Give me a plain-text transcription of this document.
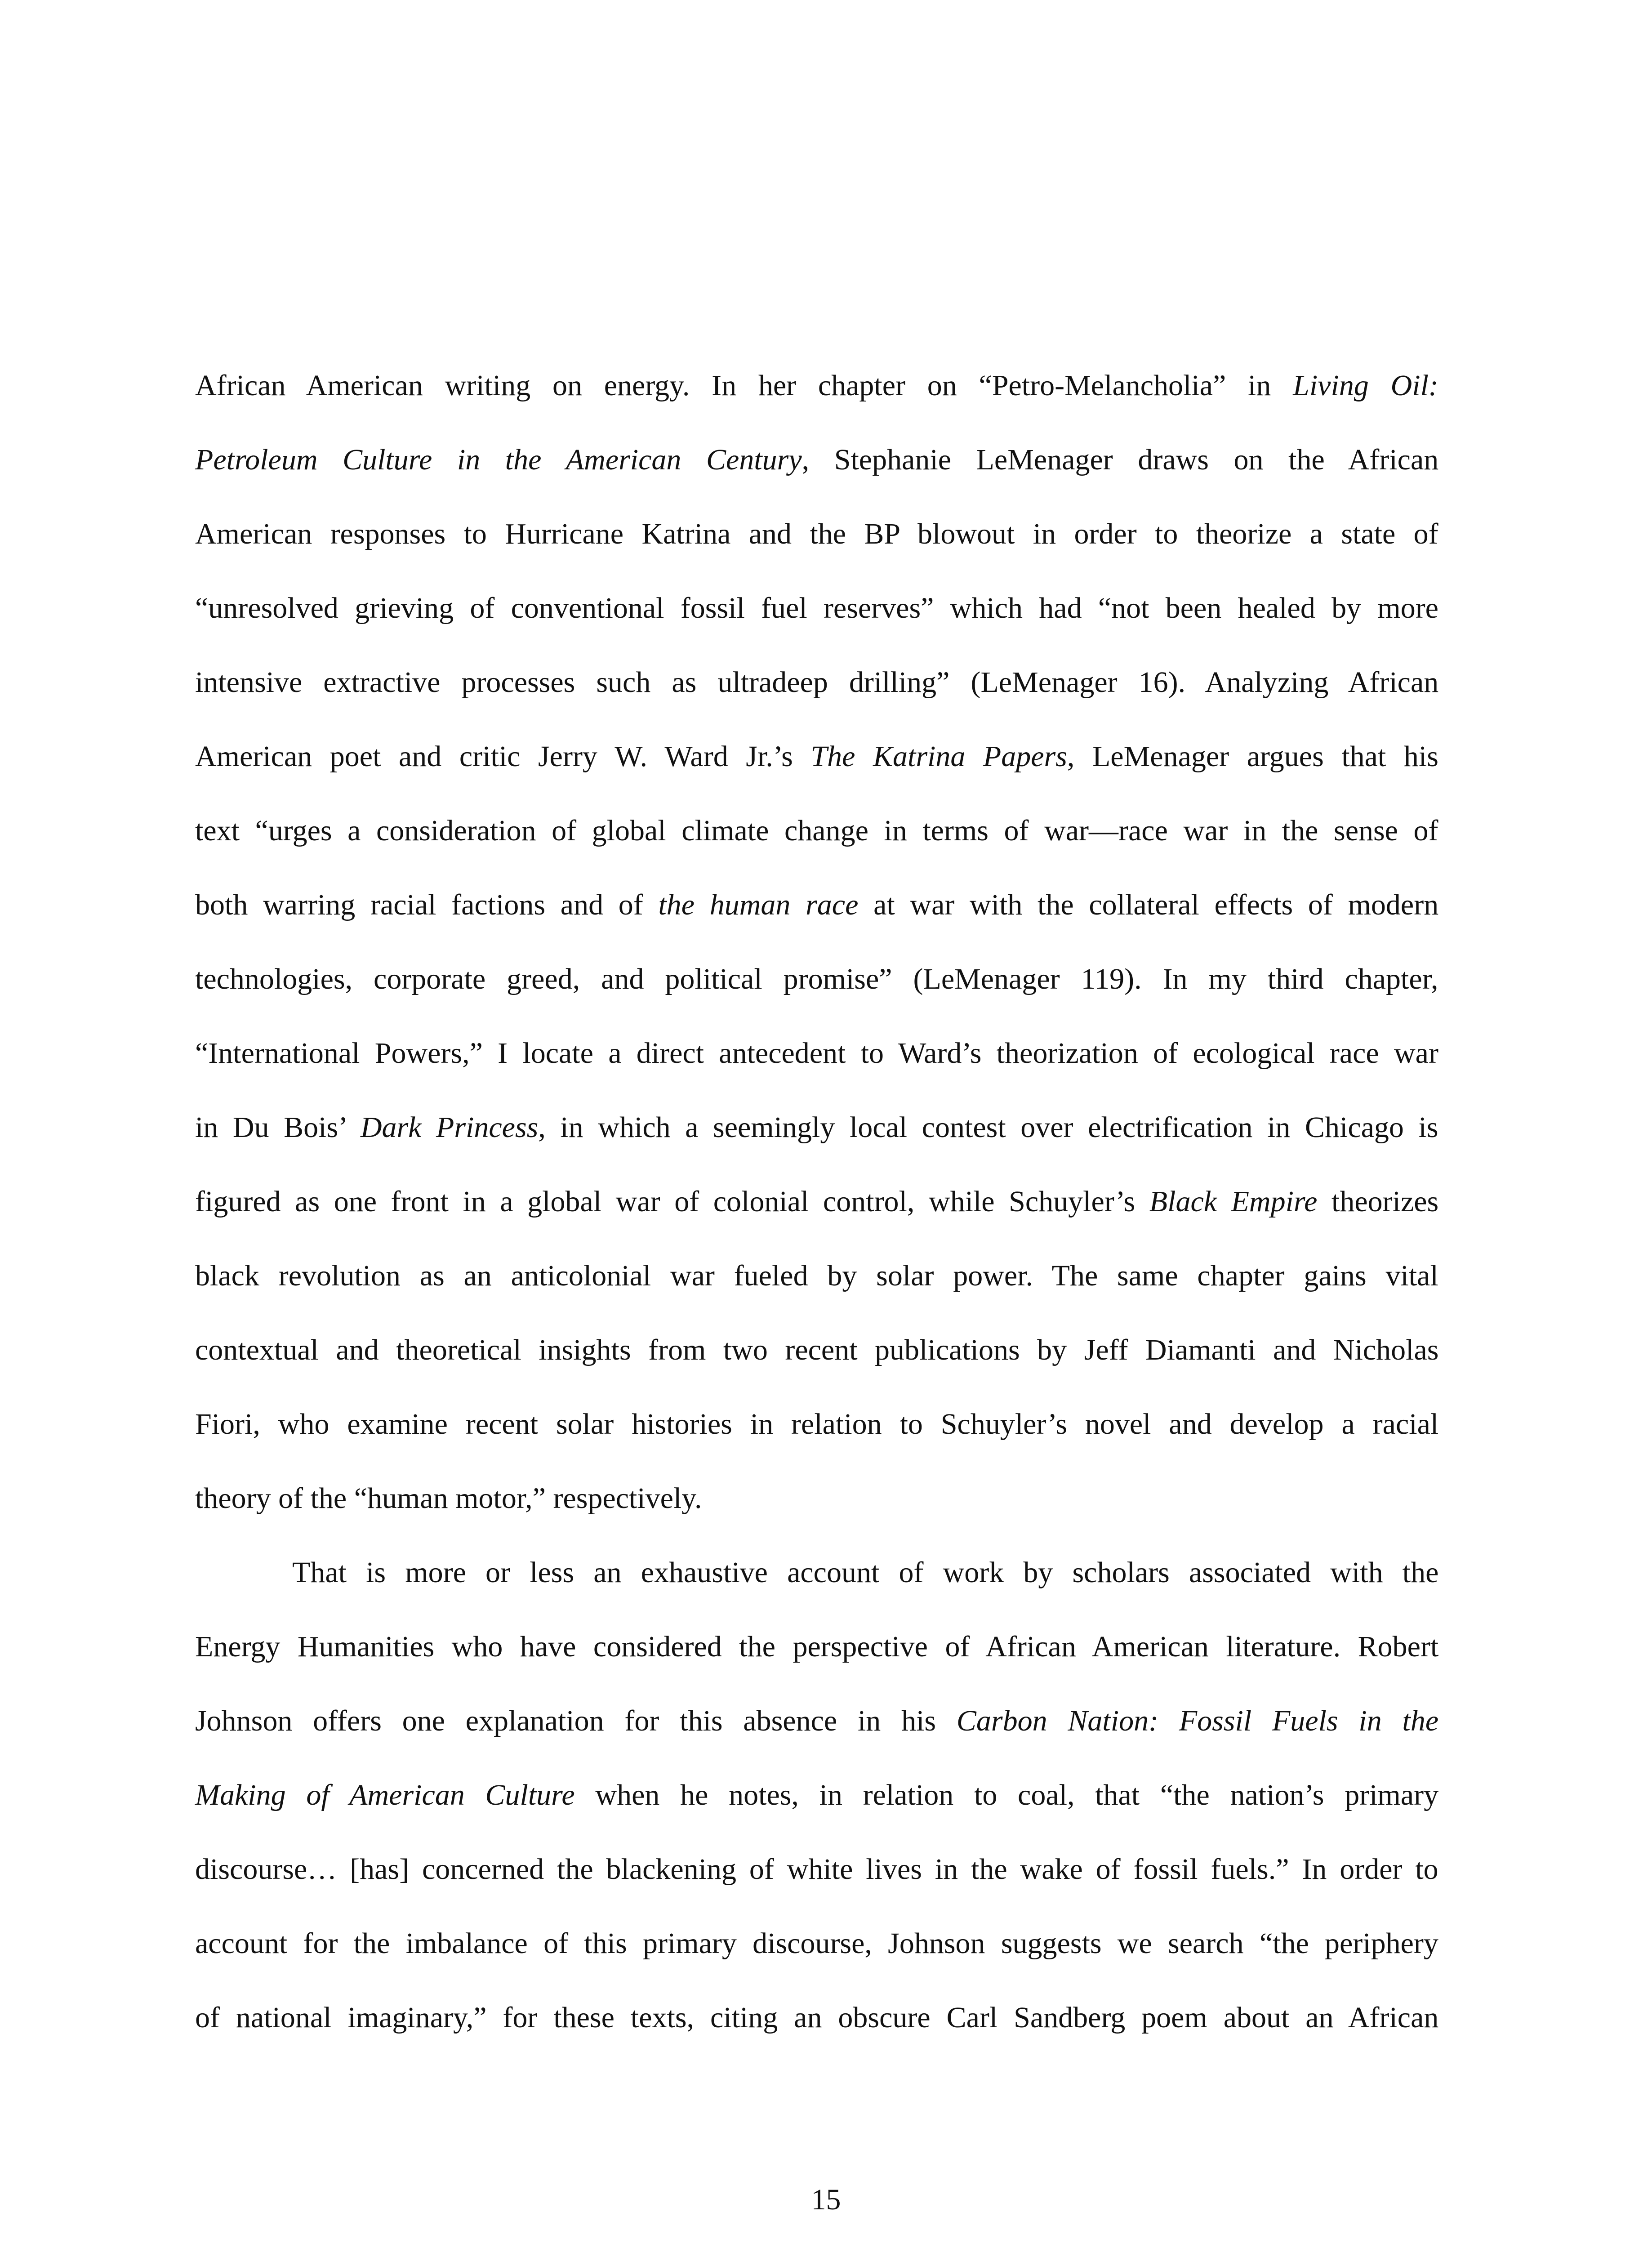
African American writing on energy. In her chapter on “Petro-Melancholia” in Living Oil:
Petroleum Culture in the American Century, Stephanie LeMenager draws on the African
American responses to Hurricane Katrina and the BP blowout in order to theorize a state of
“unresolved grieving of conventional fossil fuel reserves” which had “not been healed by more
intensive extractive processes such as ultradeep drilling” (LeMenager 16). Analyzing African
American poet and critic Jerry W. Ward Jr.’s The Katrina Papers, LeMenager argues that his
text “urges a consideration of global climate change in terms of war—race war in the sense of
both warring racial factions and of the human race at war with the collateral effects of modern
technologies, corporate greed, and political promise” (LeMenager 119). In my third chapter,
“International Powers,” I locate a direct antecedent to Ward’s theorization of ecological race war
in Du Bois’ Dark Princess, in which a seemingly local contest over electrification in Chicago is
figured as one front in a global war of colonial control, while Schuyler’s Black Empire theorizes
black revolution as an anticolonial war fueled by solar power. The same chapter gains vital
contextual and theoretical insights from two recent publications by Jeff Diamanti and Nicholas
Fiori, who examine recent solar histories in relation to Schuyler’s novel and develop a racial
theory of the “human motor,” respectively.
That is more or less an exhaustive account of work by scholars associated with the
Energy Humanities who have considered the perspective of African American literature. Robert
Johnson offers one explanation for this absence in his Carbon Nation: Fossil Fuels in the
Making of American Culture when he notes, in relation to coal, that “the nation’s primary
discourse… [has] concerned the blackening of white lives in the wake of fossil fuels.” In order to
account for the imbalance of this primary discourse, Johnson suggests we search “the periphery
of national imaginary,” for these texts, citing an obscure Carl Sandberg poem about an African
15
